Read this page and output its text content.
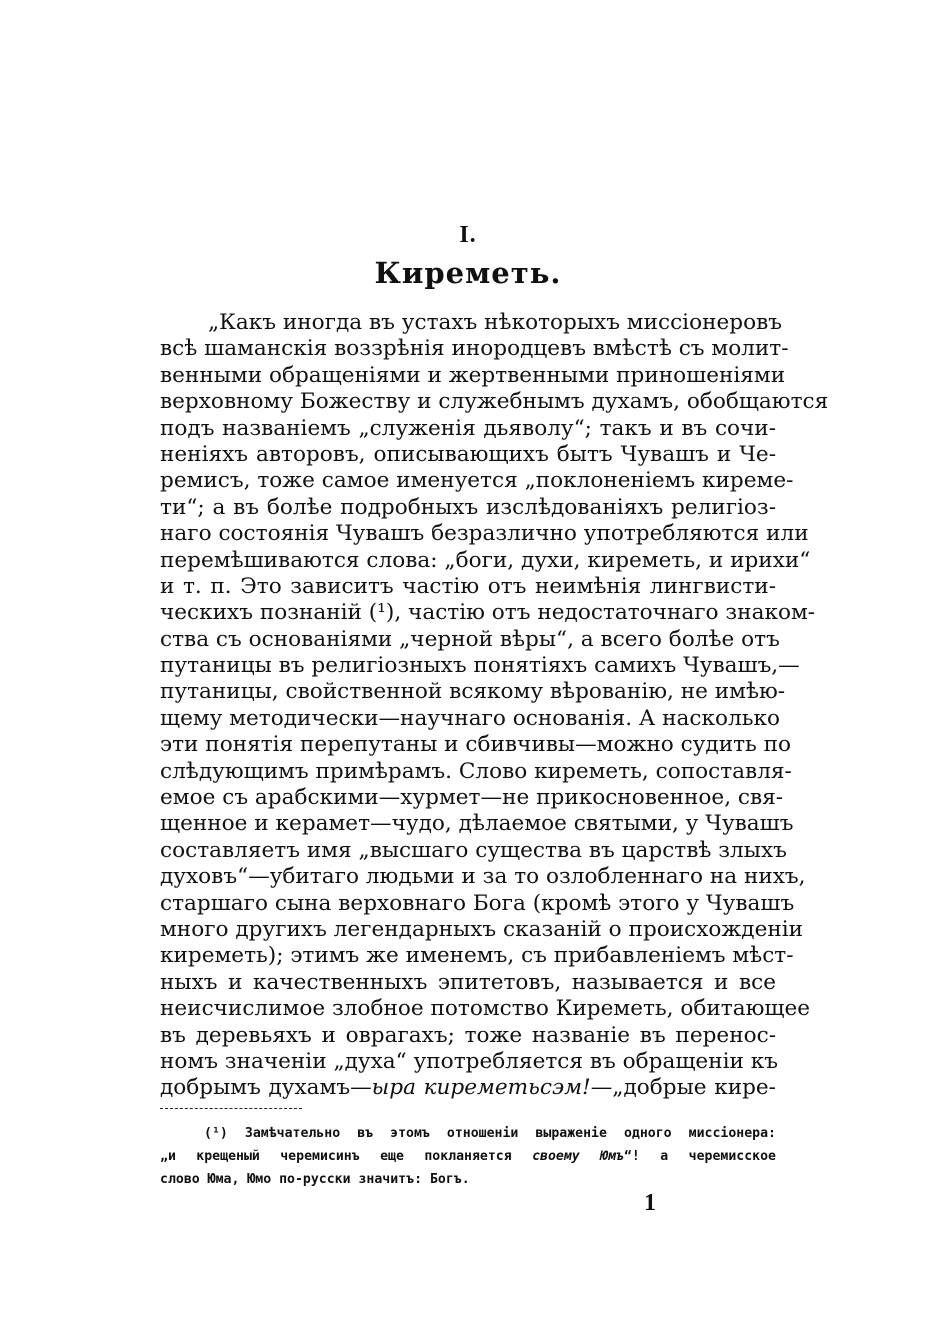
I.
Киреметь.
„Какъ иногда въ устахъ нѣкоторыхъ миссіонеровъ
всѣ шаманскія воззрѣнія инородцевъ вмѣстѣ съ молит-
венными обращеніями и жертвенными приношеніями
верховному Божеству и служебнымъ духамъ, обобщаются
подъ названіемъ „служенія дьяволу“; такъ и въ сочи-
неніяхъ авторовъ, описывающихъ бытъ Чувашъ и Че-
ремисъ, тоже самое именуется „поклоненіемъ киреме-
ти“; а въ болѣе подробныхъ изслѣдованіяхъ религіоз-
наго состоянія Чувашъ безразлично употребляются или
перемѣшиваются слова: „боги, духи, киреметь, и ирихи“
и т. п. Это зависитъ частію отъ неимѣнія лингвисти-
ческихъ познаній (¹), частію отъ недостаточнаго знаком-
ства съ основаніями „черной вѣры“, а всего болѣе отъ
путаницы въ религіозныхъ понятіяхъ самихъ Чувашъ,—
путаницы, свойственной всякому вѣрованію, не имѣю-
щему методически—научнаго основанія. А насколько
эти понятія перепутаны и сбивчивы—можно судить по
слѣдующимъ примѣрамъ. Слово киреметь, сопоставля-
емое съ арабскими—хурмет—не прикосновенное, свя-
щенное и керамет—чудо, дѣлаемое святыми, у Чувашъ
составляетъ имя „высшаго существа въ царствѣ злыхъ
духовъ“—убитаго людьми и за то озлобленнаго на нихъ,
старшаго сына верховнаго Бога (кромѣ этого у Чувашъ
много другихъ легендарныхъ сказаній о происхожденіи
киреметь); этимъ же именемъ, съ прибавленіемъ мѣст-
ныхъ и качественныхъ эпитетовъ, называется и все
неисчислимое злобное потомство Киреметь, обитающее
въ деревьяхъ и оврагахъ; тоже названіе въ перенос-
номъ значеніи „духа“ употребляется въ обращеніи къ
добрымъ духамъ—ыра киреметьсэм!—„добрые кире-
(¹) Замѣчательно въ этомъ отношеніи выраженіе одного миссіонера:
„и крещеный черемисинъ еще покланяется своему Юмъ“! а черемисское
слово Юма, Юмо по-русски значитъ: Богъ.
1
